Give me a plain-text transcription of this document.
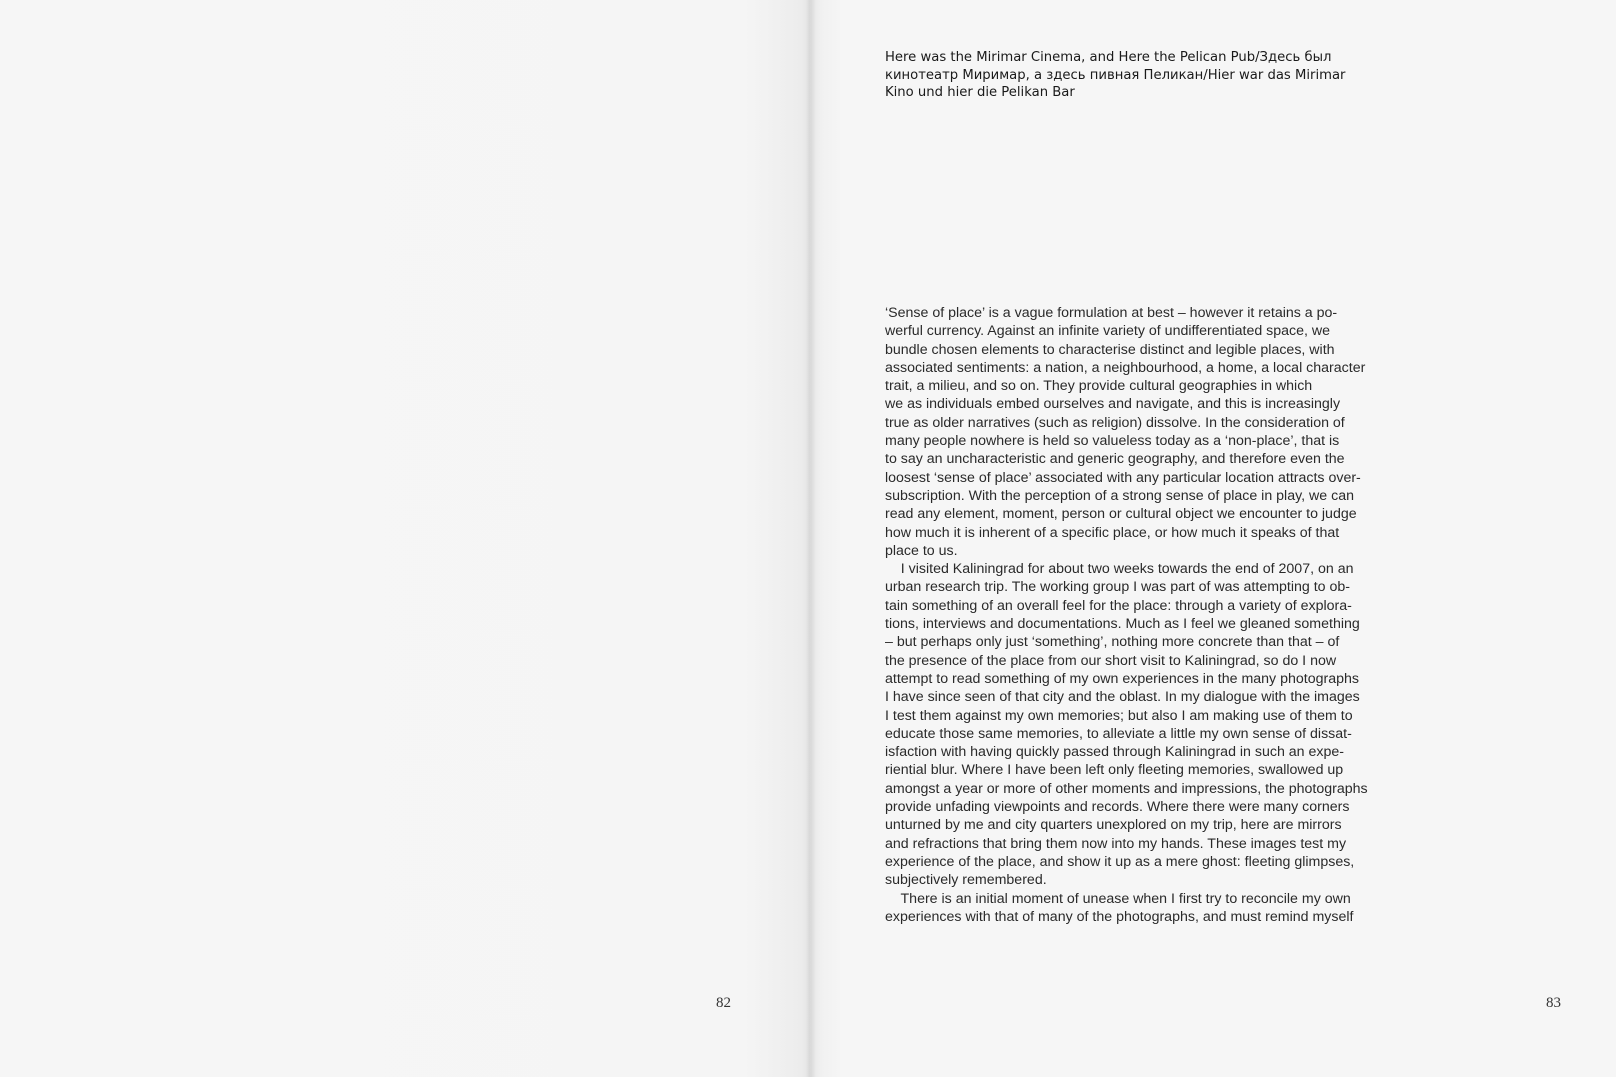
Here was the Mirimar Cinema, and Here the Pelican Pub/Здесь был
кинотеатр Миримар, а здесь пивная Пеликан/Hier war das Mirimar
Kino und hier die Pelikan Bar

‘Sense of place’ is a vague formulation at best – however it retains a po-
werful currency. Against an infinite variety of undifferentiated space, we
bundle chosen elements to characterise distinct and legible places, with
associated sentiments: a nation, a neighbourhood, a home, a local character
trait, a milieu, and so on. They provide cultural geographies in which
we as individuals embed ourselves and navigate, and this is increasingly
true as older narratives (such as religion) dissolve. In the consideration of
many people nowhere is held so valueless today as a ‘non-place’, that is
to say an uncharacteristic and generic geography, and therefore even the
loosest ‘sense of place’ associated with any particular location attracts over-
subscription. With the perception of a strong sense of place in play, we can
read any element, moment, person or cultural object we encounter to judge
how much it is inherent of a specific place, or how much it speaks of that
place to us.

I visited Kaliningrad for about two weeks towards the end of 2007, on an
urban research trip. The working group I was part of was attempting to ob-
tain something of an overall feel for the place: through a variety of explora-
tions, interviews and documentations. Much as I feel we gleaned something
– but perhaps only just ‘something’, nothing more concrete than that – of
the presence of the place from our short visit to Kaliningrad, so do I now
attempt to read something of my own experiences in the many photographs
I have since seen of that city and the oblast. In my dialogue with the images
I test them against my own memories; but also I am making use of them to
educate those same memories, to alleviate a little my own sense of dissat-
isfaction with having quickly passed through Kaliningrad in such an expe-
riential blur. Where I have been left only fleeting memories, swallowed up
amongst a year or more of other moments and impressions, the photographs
provide unfading viewpoints and records. Where there were many corners
unturned by me and city quarters unexplored on my trip, here are mirrors
and refractions that bring them now into my hands. These images test my
experience of the place, and show it up as a mere ghost: fleeting glimpses,
subjectively remembered.

There is an initial moment of unease when I first try to reconcile my own
experiences with that of many of the photographs, and must remind myself

82	83
